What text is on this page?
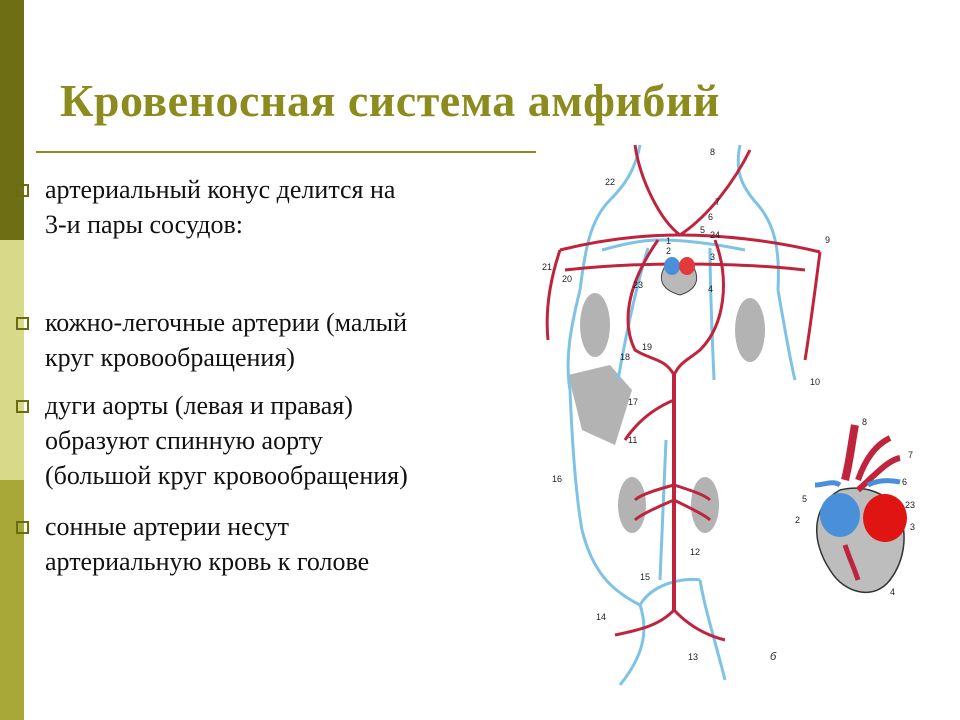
Кровеносная система амфибий
артериальный конус делится на
3-и пары сосудов:
кожно-легочные артерии (малый
круг кровообращения)
дуги аорты (левая и правая)
образуют спинную аорту
(большой круг кровообращения)
сонные артерии несут
артериальную кровь к голове
8
22
7
6
5 24
1
2
3
9
21
20
23	4
19
18
10
17
11
16
12
15
14
13	б
8
7
6
5
2
23
3
4
